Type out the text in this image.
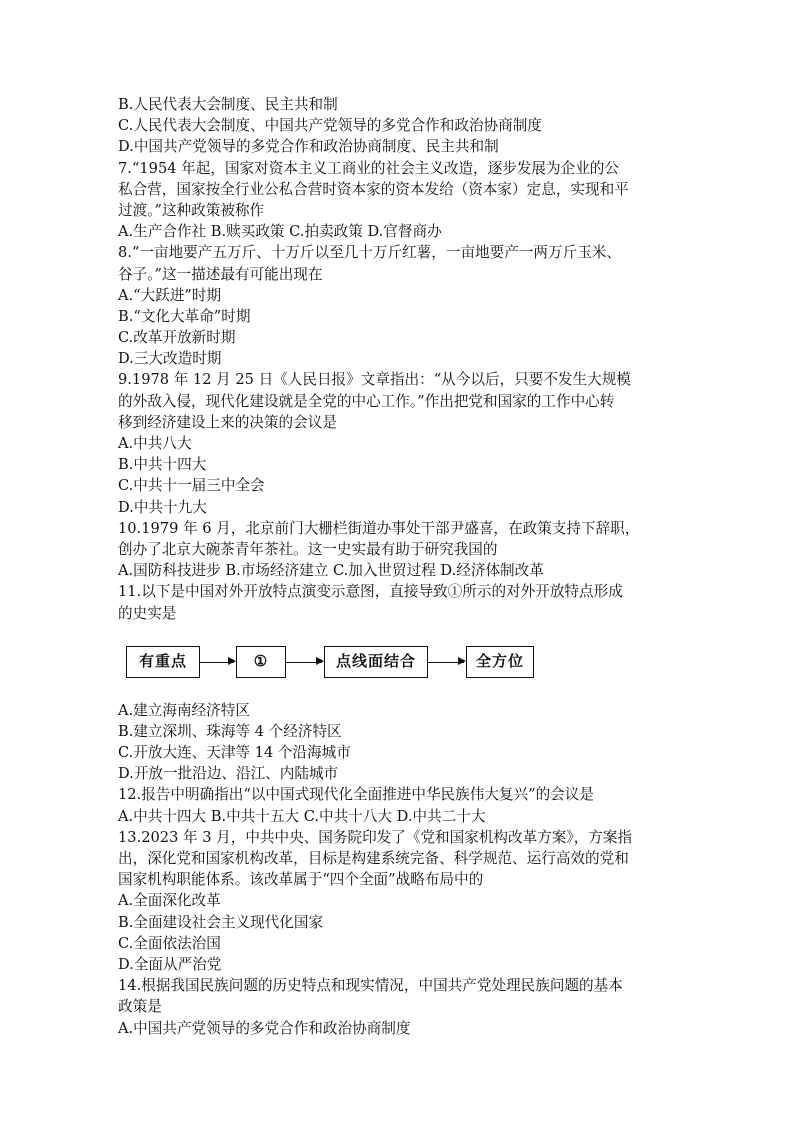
B.人民代表大会制度、民主共和制
C.人民代表大会制度、中国共产党领导的多党合作和政治协商制度
D.中国共产党领导的多党合作和政治协商制度、民主共和制
7.“1954 年起，国家对资本主义工商业的社会主义改造，逐步发展为企业的公
私合营，国家按全行业公私合营时资本家的资本发给（资本家）定息，实现和平
过渡。”这种政策被称作
A.生产合作社 B.赎买政策 C.拍卖政策 D.官督商办
8.“一亩地要产五万斤、十万斤以至几十万斤红薯，一亩地要产一两万斤玉米、
谷子。”这一描述最有可能出现在
A.“大跃进”时期
B.“文化大革命”时期
C.改革开放新时期
D.三大改造时期
9.1978 年 12 月 25 日《人民日报》文章指出：“从今以后，只要不发生大规模
的外敌入侵，现代化建设就是全党的中心工作。”作出把党和国家的工作中心转
移到经济建设上来的决策的会议是
A.中共八大
B.中共十四大
C.中共十一届三中全会
D.中共十九大
10.1979 年 6 月，北京前门大栅栏街道办事处干部尹盛喜，在政策支持下辞职，
创办了北京大碗茶青年茶社。这一史实最有助于研究我国的
A.国防科技进步 B.市场经济建立 C.加入世贸过程 D.经济体制改革
11.以下是中国对外开放特点演变示意图，直接导致①所示的对外开放特点形成
的史实是
有重点	①	点线面结合	全方位
A.建立海南经济特区
B.建立深圳、珠海等 4 个经济特区
C.开放大连、天津等 14 个沿海城市
D.开放一批沿边、沿江、内陆城市
12.报告中明确指出“以中国式现代化全面推进中华民族伟大复兴”的会议是
A.中共十四大 B.中共十五大 C.中共十八大 D.中共二十大
13.2023 年 3 月，中共中央、国务院印发了《党和国家机构改革方案》，方案指
出，深化党和国家机构改革，目标是构建系统完备、科学规范、运行高效的党和
国家机构职能体系。该改革属于“四个全面”战略布局中的
A.全面深化改革
B.全面建设社会主义现代化国家
C.全面依法治国
D.全面从严治党
14.根据我国民族问题的历史特点和现实情况，中国共产党处理民族问题的基本
政策是
A.中国共产党领导的多党合作和政治协商制度
